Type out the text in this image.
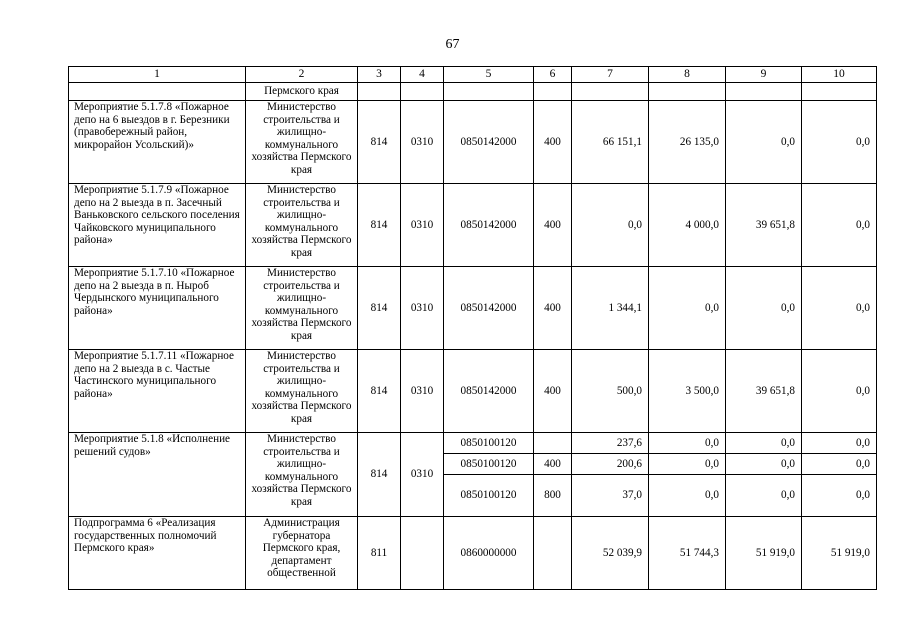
67
1	2	3	4	5	6	7	8	9	10
	Пермского края								
Мероприятие 5.1.7.8 «Пожарное депо на 6 выездов в г. Березники (правобережный район, микрорайон Усольский)»	Министерство строительства и жилищно-коммунального хозяйства Пермского края	814	0310	0850142000	400	66 151,1	26 135,0	0,0	0,0
Мероприятие 5.1.7.9 «Пожарное депо на 2 выезда в п. Засечный Ваньковского сельского поселения Чайковского муниципального района»	Министерство строительства и жилищно-коммунального хозяйства Пермского края	814	0310	0850142000	400	0,0	4 000,0	39 651,8	0,0
Мероприятие 5.1.7.10 «Пожарное депо на 2 выезда в п. Ныроб Чердынского муниципального района»	Министерство строительства и жилищно-коммунального хозяйства Пермского края	814	0310	0850142000	400	1 344,1	0,0	0,0	0,0
Мероприятие 5.1.7.11 «Пожарное депо на 2 выезда в с. Частые Частинского муниципального района»	Министерство строительства и жилищно-коммунального хозяйства Пермского края	814	0310	0850142000	400	500,0	3 500,0	39 651,8	0,0
Мероприятие 5.1.8 «Исполнение решений судов»	Министерство строительства и жилищно-коммунального хозяйства Пермского края	814	0310	0850100120		237,6	0,0	0,0	0,0
				0850100120	400	200,6	0,0	0,0	0,0
				0850100120	800	37,0	0,0	0,0	0,0
Подпрограмма 6 «Реализация государственных полномочий Пермского края»	Администрация губернатора Пермского края, департамент общественной	811		0860000000		52 039,9	51 744,3	51 919,0	51 919,0
